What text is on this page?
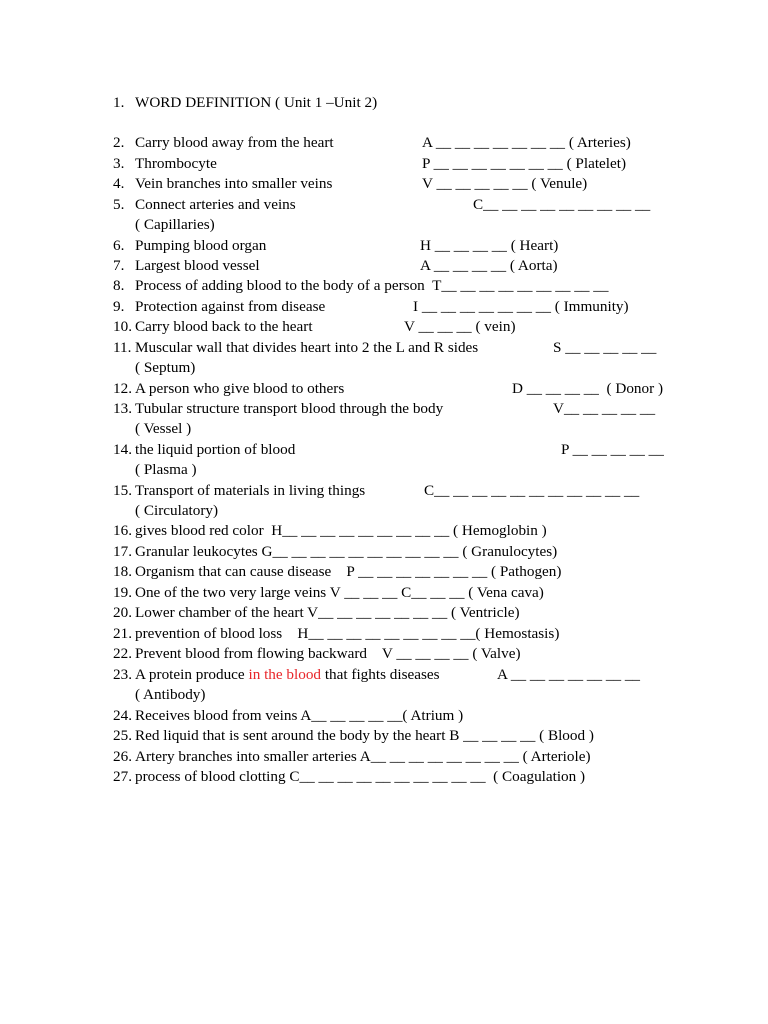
1. WORD DEFINITION ( Unit 1 –Unit 2)
2. Carry blood away from the heart	A __ __ __ __ __ __ __ ( Arteries)
3. Thrombocyte	P __ __ __ __ __ __ __ ( Platelet)
4. Vein branches into smaller veins	V __ __ __ __ __ ( Venule)
5. Connect arteries and veins	C__ __ __ __ __ __ __ __ __
( Capillaries)
6. Pumping blood organ	H __ __ __ __ ( Heart)
7. Largest blood vessel	A __ __ __ __ ( Aorta)
8. Process of adding blood to the body of a person  T__ __ __ __ __ __ __ __ __
9. Protection against from disease	I __ __ __ __ __ __ __ ( Immunity)
10. Carry blood back to the heart	V __ __ __ ( vein)
11. Muscular wall that divides heart into 2 the L and R sides	S __ __ __ __ __
( Septum)
12. A person who give blood to others	D __ __ __ __  ( Donor )
13. Tubular structure transport blood through the body	V__ __ __ __ __
( Vessel )
14. the liquid portion of blood	P __ __ __ __ __
( Plasma )
15. Transport of materials in living things	C__ __ __ __ __ __ __ __ __ __ __
( Circulatory)
16. gives blood red color  H__ __ __ __ __ __ __ __ __ ( Hemoglobin )
17. Granular leukocytes G__ __ __ __ __ __ __ __ __ __ ( Granulocytes)
18. Organism that can cause disease    P __ __ __ __ __ __ __ ( Pathogen)
19. One of the two very large veins V __ __ __ C__ __ __ ( Vena cava)
20. Lower chamber of the heart V__ __ __ __ __ __ __ ( Ventricle)
21. prevention of blood loss    H__ __ __ __ __ __ __ __ __( Hemostasis)
22. Prevent blood from flowing backward    V __ __ __ __ ( Valve)
23. A protein produce in the blood that fights diseases	A __ __ __ __ __ __ __
( Antibody)
24. Receives blood from veins A__ __ __ __ __( Atrium )
25. Red liquid that is sent around the body by the heart B __ __ __ __ ( Blood )
26. Artery branches into smaller arteries A__ __ __ __ __ __ __ __ ( Arteriole)
27. process of blood clotting C__ __ __ __ __ __ __ __ __ __  ( Coagulation )
